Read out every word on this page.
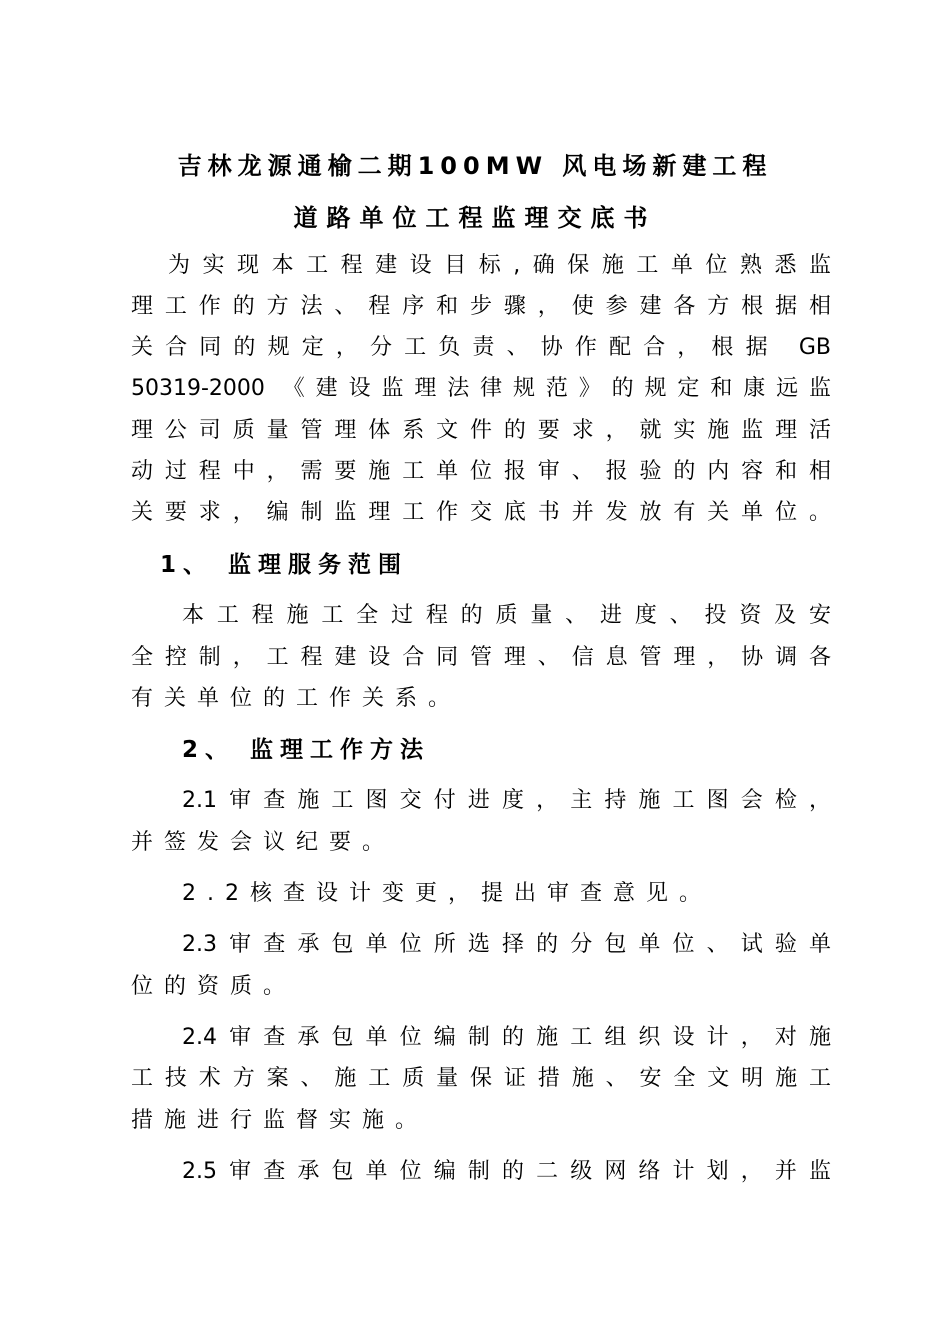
吉林龙源通榆二期100MW 风电场新建工程
道路单位工程监理交底书

为实现本工程建设目标,确保施工单位熟悉监

理工作的方法、程序和步骤，使参建各方根据相

关合同的规定，分工负责、协作配合，根据 GB

50319-2000 《建设监理法律规范》的规定和康远监

理公司质量管理体系文件的要求，就实施监理活

动过程中，需要施工单位报审、报验的内容和相

关要求，编制监理工作交底书并发放有关单位。

1、 监理服务范围

本工程施工全过程的质量、进度、投资及安

全控制，工程建设合同管理、信息管理，协调各

有关单位的工作关系。

2、 监理工作方法

2.1审查施工图交付进度，主持施工图会检，

并签发会议纪要。

2.2核查设计变更，提出审查意见。

2.3审查承包单位所选择的分包单位、试验单

位的资质。

2.4审查承包单位编制的施工组织设计，对施

工技术方案、施工质量保证措施、安全文明施工

措施进行监督实施。

2.5审查承包单位编制的二级网络计划，并监
